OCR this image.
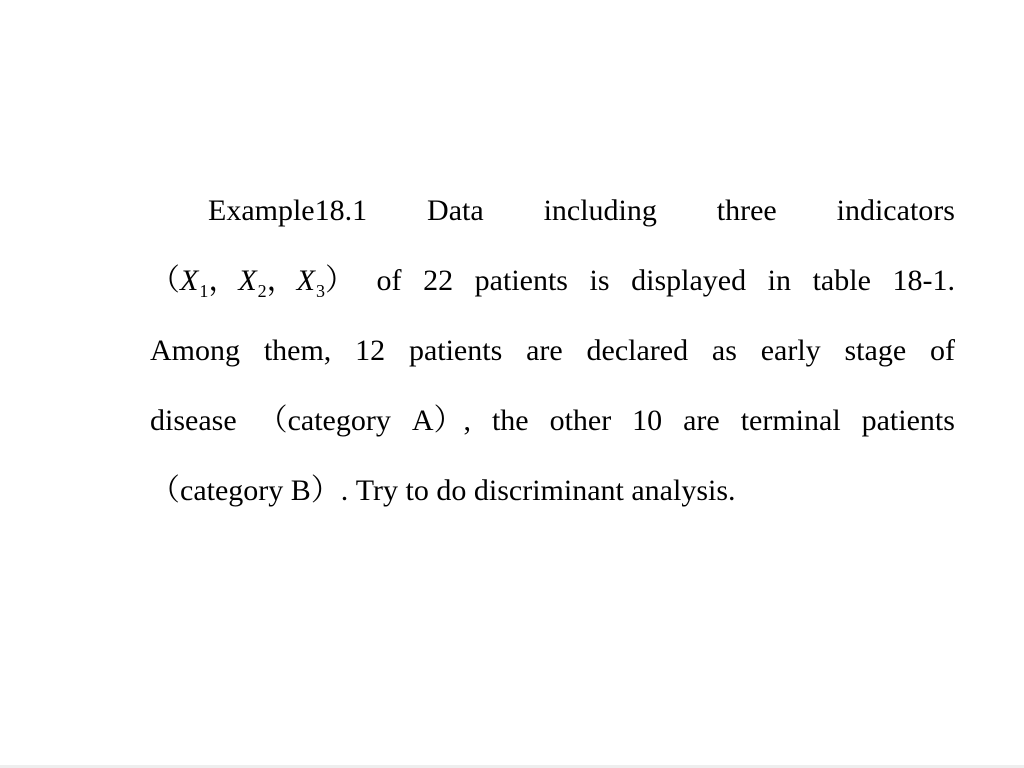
Example18.1 Data including three indicators
（$X_1$，$X_2$，$X_3$） of 22 patients is displayed in table 18-1.
Among them, 12 patients are declared as early stage of
disease （category A）, the other 10 are terminal patients
（category B）. Try to do discriminant analysis.
